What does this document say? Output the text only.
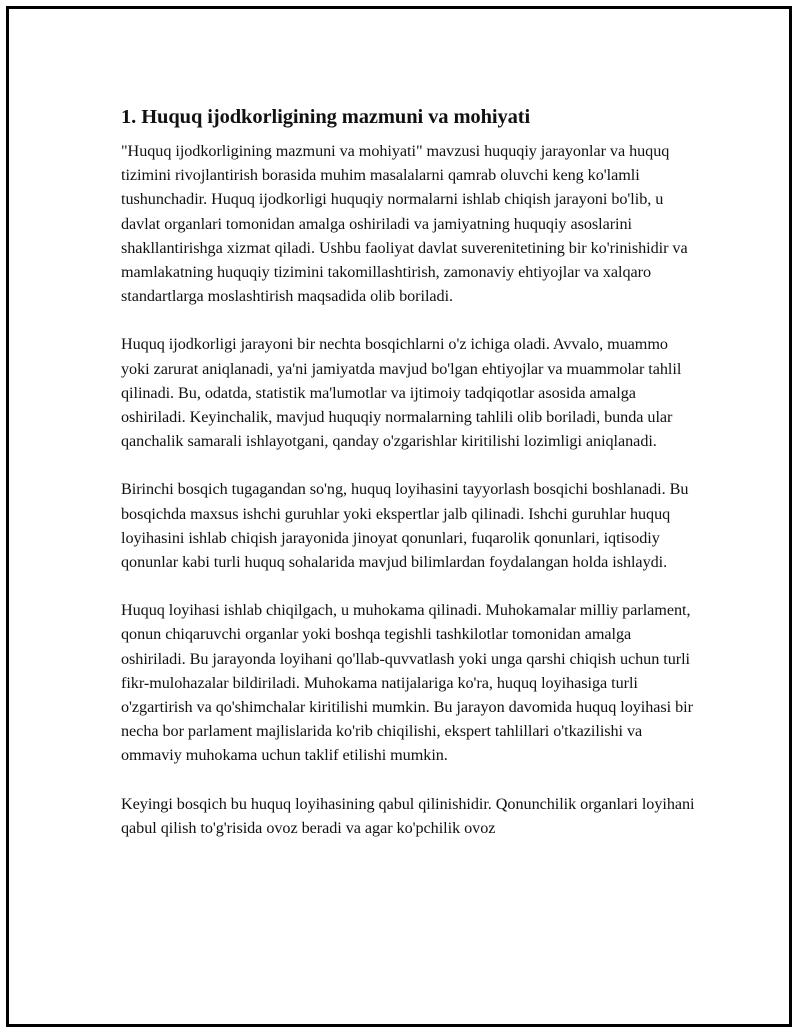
1. Huquq ijodkorligining mazmuni va mohiyati

"Huquq ijodkorligining mazmuni va mohiyati" mavzusi huquqiy jarayonlar va huquq tizimini rivojlantirish borasida muhim masalalarni qamrab oluvchi keng ko'lamli tushunchadir. Huquq ijodkorligi huquqiy normalarni ishlab chiqish jarayoni bo'lib, u davlat organlari tomonidan amalga oshiriladi va jamiyatning huquqiy asoslarini shakllantirishga xizmat qiladi. Ushbu faoliyat davlat suverenitetining bir ko'rinishidir va mamlakatning huquqiy tizimini takomillashtirish, zamonaviy ehtiyojlar va xalqaro standartlarga moslashtirish maqsadida olib boriladi.

Huquq ijodkorligi jarayoni bir nechta bosqichlarni o'z ichiga oladi. Avvalo, muammo yoki zarurat aniqlanadi, ya'ni jamiyatda mavjud bo'lgan ehtiyojlar va muammolar tahlil qilinadi. Bu, odatda, statistik ma'lumotlar va ijtimoiy tadqiqotlar asosida amalga oshiriladi. Keyinchalik, mavjud huquqiy normalarning tahlili olib boriladi, bunda ular qanchalik samarali ishlayotgani, qanday o'zgarishlar kiritilishi lozimligi aniqlanadi.

Birinchi bosqich tugagandan so'ng, huquq loyihasini tayyorlash bosqichi boshlanadi. Bu bosqichda maxsus ishchi guruhlar yoki ekspertlar jalb qilinadi. Ishchi guruhlar huquq loyihasini ishlab chiqish jarayonida jinoyat qonunlari, fuqarolik qonunlari, iqtisodiy qonunlar kabi turli huquq sohalarida mavjud bilimlardan foydalangan holda ishlaydi.

Huquq loyihasi ishlab chiqilgach, u muhokama qilinadi. Muhokamalar milliy parlament, qonun chiqaruvchi organlar yoki boshqa tegishli tashkilotlar tomonidan amalga oshiriladi. Bu jarayonda loyihani qo'llab-quvvatlash yoki unga qarshi chiqish uchun turli fikr-mulohazalar bildiriladi. Muhokama natijalariga ko'ra, huquq loyihasiga turli o'zgartirish va qo'shimchalar kiritilishi mumkin. Bu jarayon davomida huquq loyihasi bir necha bor parlament majlislarida ko'rib chiqilishi, ekspert tahlillari o'tkazilishi va ommaviy muhokama uchun taklif etilishi mumkin.

Keyingi bosqich bu huquq loyihasining qabul qilinishidir. Qonunchilik organlari loyihani qabul qilish to'g'risida ovoz beradi va agar ko'pchilik ovoz
